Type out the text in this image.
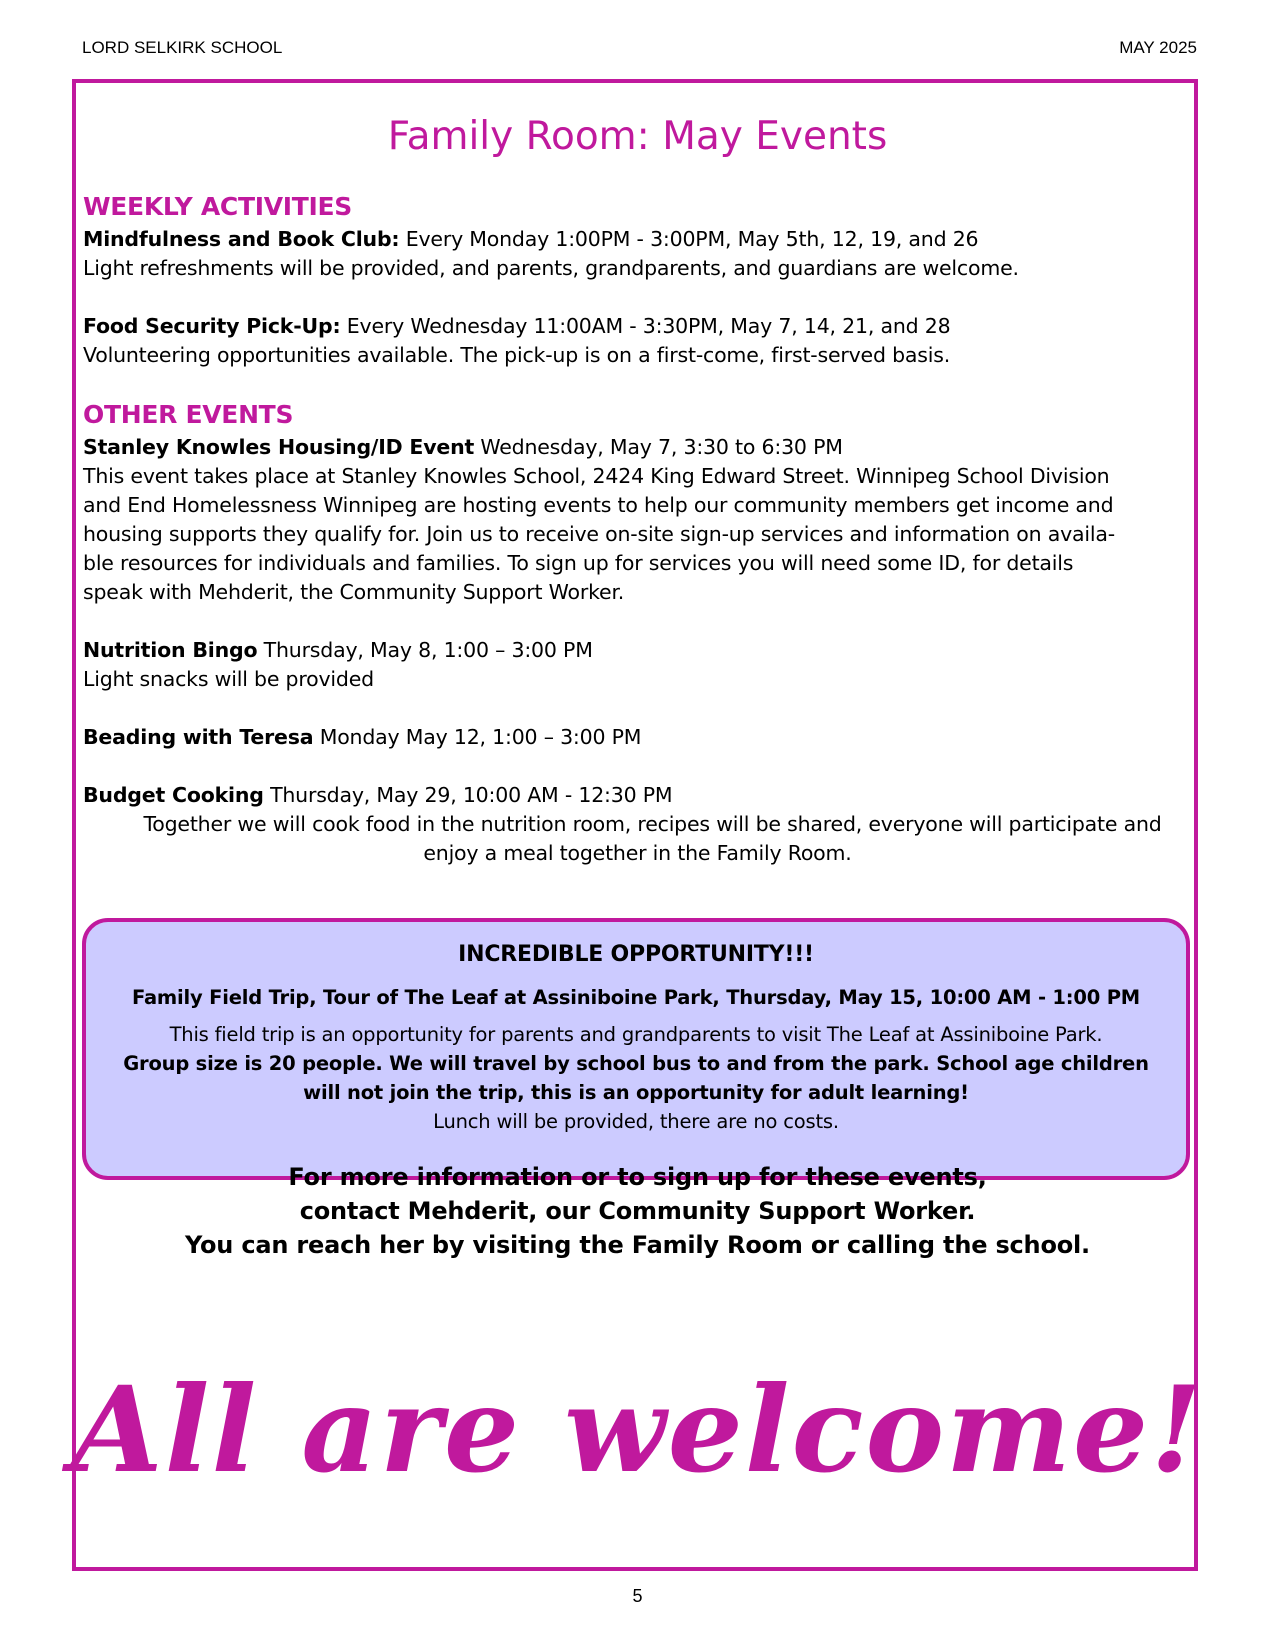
LORD SELKIRK SCHOOL	MAY 2025
Family Room: May Events
WEEKLY ACTIVITIES
Mindfulness and Book Club: Every Monday 1:00PM - 3:00PM, May 5th, 12, 19, and 26
Light refreshments will be provided, and parents, grandparents, and guardians are welcome.
Food Security Pick-Up: Every Wednesday 11:00AM - 3:30PM, May 7, 14, 21, and 28
Volunteering opportunities available. The pick-up is on a first-come, first-served basis.
OTHER EVENTS
Stanley Knowles Housing/ID Event Wednesday, May 7, 3:30 to 6:30 PM
This event takes place at Stanley Knowles School, 2424 King Edward Street. Winnipeg School Division
and End Homelessness Winnipeg are hosting events to help our community members get income and
housing supports they qualify for. Join us to receive on-site sign-up services and information on availa-
ble resources for individuals and families. To sign up for services you will need some ID, for details
speak with Mehderit, the Community Support Worker.
Nutrition Bingo Thursday, May 8, 1:00 – 3:00 PM
Light snacks will be provided
Beading with Teresa Monday May 12, 1:00 – 3:00 PM
Budget Cooking Thursday, May 29, 10:00 AM - 12:30 PM
Together we will cook food in the nutrition room, recipes will be shared, everyone will participate and
enjoy a meal together in the Family Room.
INCREDIBLE OPPORTUNITY!!!
Family Field Trip, Tour of The Leaf at Assiniboine Park, Thursday, May 15, 10:00 AM - 1:00 PM
This field trip is an opportunity for parents and grandparents to visit The Leaf at Assiniboine Park.
Group size is 20 people. We will travel by school bus to and from the park. School age children
will not join the trip, this is an opportunity for adult learning!
Lunch will be provided, there are no costs.
For more information or to sign up for these events,
contact Mehderit, our Community Support Worker.
You can reach her by visiting the Family Room or calling the school.
All are welcome!
5
